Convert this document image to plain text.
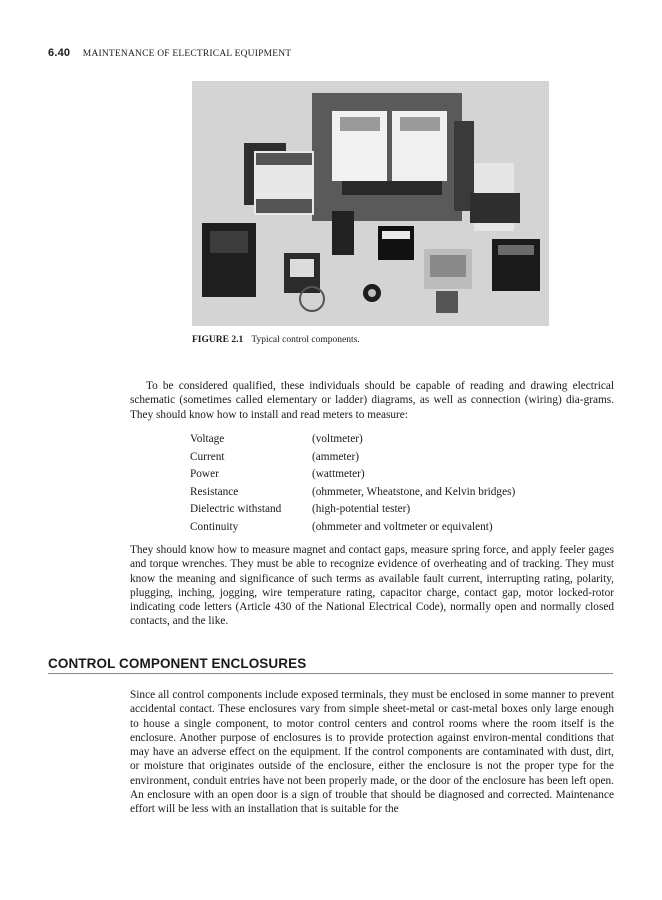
6.40 MAINTENANCE OF ELECTRICAL EQUIPMENT
FIGURE 2.1 Typical control components.

To be considered qualified, these individuals should be capable of reading and drawing electrical schematic (sometimes called elementary or ladder) diagrams, as well as connection (wiring) dia-grams. They should know how to install and read meters to measure:

Voltage	(voltmeter)
Current	(ammeter)
Power	(wattmeter)
Resistance	(ohmmeter, Wheatstone, and Kelvin bridges)
Dielectric withstand	(high-potential tester)
Continuity	(ohmmeter and voltmeter or equivalent)

They should know how to measure magnet and contact gaps, measure spring force, and apply feeler gages and torque wrenches. They must be able to recognize evidence of overheating and of tracking. They must know the meaning and significance of such terms as available fault current, interrupting rating, polarity, plugging, inching, jogging, wire temperature rating, capacitor charge, contact gap, motor locked-rotor indicating code letters (Article 430 of the National Electrical Code), normally open and normally closed contacts, and the like.

CONTROL COMPONENT ENCLOSURES

Since all control components include exposed terminals, they must be enclosed in some manner to prevent accidental contact. These enclosures vary from simple sheet-metal or cast-metal boxes only large enough to house a single component, to motor control centers and control rooms where the room itself is the enclosure. Another purpose of enclosures is to provide protection against environ-mental conditions that may have an adverse effect on the equipment. If the control components are contaminated with dust, dirt, or moisture that originates outside of the enclosure, either the enclosure is not the proper type for the environment, conduit entries have not been properly made, or the door of the enclosure has been left open. An enclosure with an open door is a sign of trouble that should be diagnosed and corrected. Maintenance effort will be less with an installation that is suitable for the
